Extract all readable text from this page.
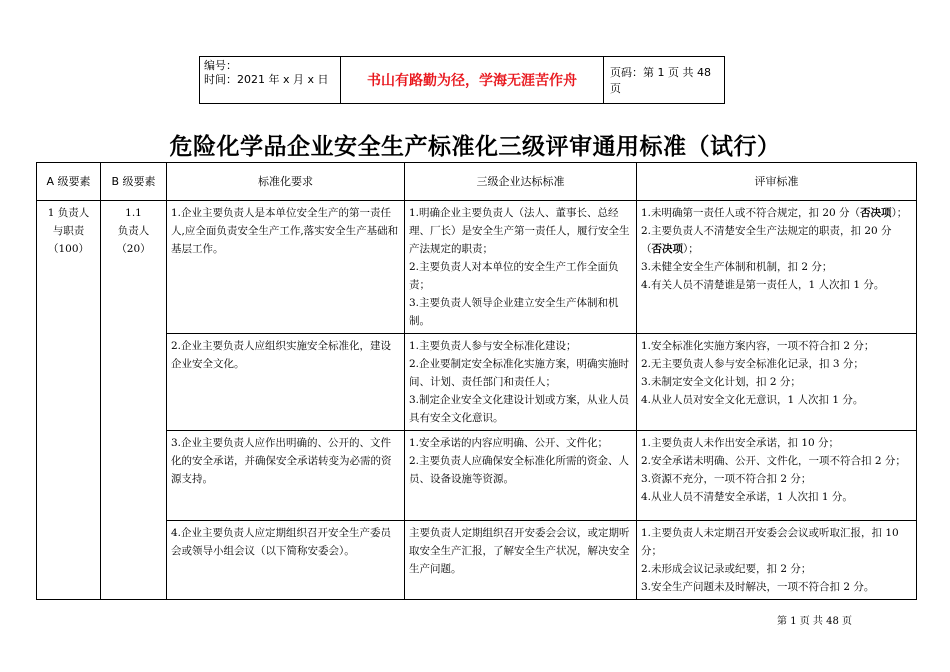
编号：
时间：2021 年 x 月 x 日	书山有路勤为径，学海无涯苦作舟
页码：第 1 页 共 48 页
危险化学品企业安全生产标准化三级评审通用标准（试行）
A 级要素	B 级要素	标准化要求	三级企业达标标准	评审标准

1 负责人
与职责
（100）	1.1
负责人
（20）	1.企业主要负责人是本单位安全生产的第一责任人,应全面负责安全生产工作,落实安全生产基础和基层工作。	1.明确企业主要负责人（法人、董事长、总经理、厂长）是安全生产第一责任人，履行安全生产法规定的职责；
2.主要负责人对本单位的安全生产工作全面负责；
3.主要负责人领导企业建立安全生产体制和机制。	1.未明确第一责任人或不符合规定，扣 20 分（否决项）；
2.主要负责人不清楚安全生产法规定的职责，扣 20 分（否决项）；
3.未健全安全生产体制和机制，扣 2 分；
4.有关人员不清楚谁是第一责任人，1 人次扣 1 分。

		2.企业主要负责人应组织实施安全标准化，建设企业安全文化。	1.主要负责人参与安全标准化建设；
2.企业要制定安全标准化实施方案，明确实施时间、计划、责任部门和责任人；
3.制定企业安全文化建设计划或方案，从业人员具有安全文化意识。	1.安全标准化实施方案内容，一项不符合扣 2 分；
2.无主要负责人参与安全标准化记录，扣 3 分；
3.未制定安全文化计划，扣 2 分；
4.从业人员对安全文化无意识，1 人次扣 1 分。

		3.企业主要负责人应作出明确的、公开的、文件化的安全承诺，并确保安全承诺转变为必需的资源支持。	1.安全承诺的内容应明确、公开、文件化；
2.主要负责人应确保安全标准化所需的资金、人员、设备设施等资源。	1.主要负责人未作出安全承诺，扣 10 分；
2.安全承诺未明确、公开、文件化，一项不符合扣 2 分；
3.资源不充分，一项不符合扣 2 分；
4.从业人员不清楚安全承诺，1 人次扣 1 分。

		4.企业主要负责人应定期组织召开安全生产委员会或领导小组会议（以下简称安委会）。	主要负责人定期组织召开安委会会议，或定期听取安全生产汇报，了解安全生产状况，解决安全生产问题。	1.主要负责人未定期召开安委会会议或听取汇报，扣 10 分；
2.未形成会议记录或纪要，扣 2 分；
3.安全生产问题未及时解决，一项不符合扣 2 分。
第 1 页 共 48 页
